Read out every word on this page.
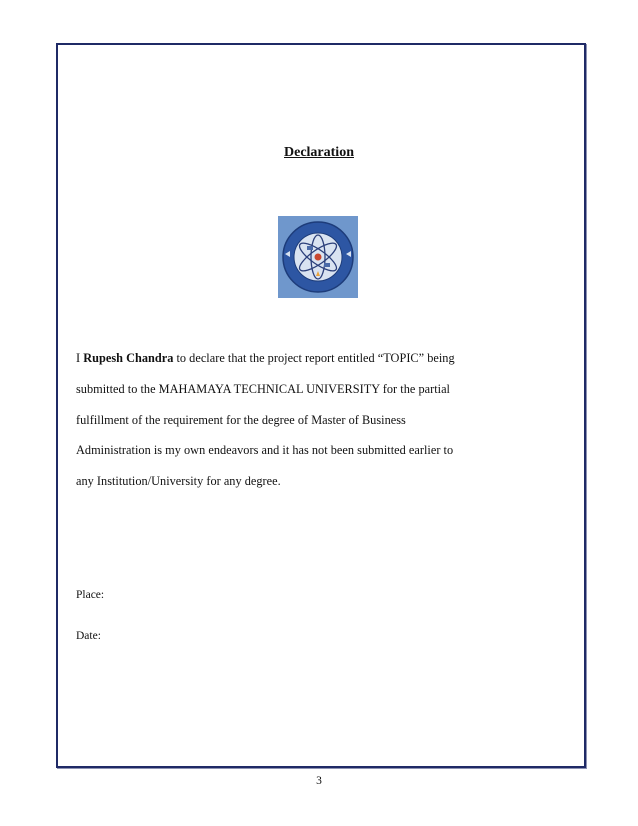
Declaration
I Rupesh Chandra to declare that the project report entitled “TOPIC” being
submitted to the MAHAMAYA TECHNICAL UNIVERSITY for the partial
fulfillment of the requirement for the degree of Master of Business
Administration is my own endeavors and it has not been submitted earlier to
any Institution/University for any degree.
Place:
Date:
3
